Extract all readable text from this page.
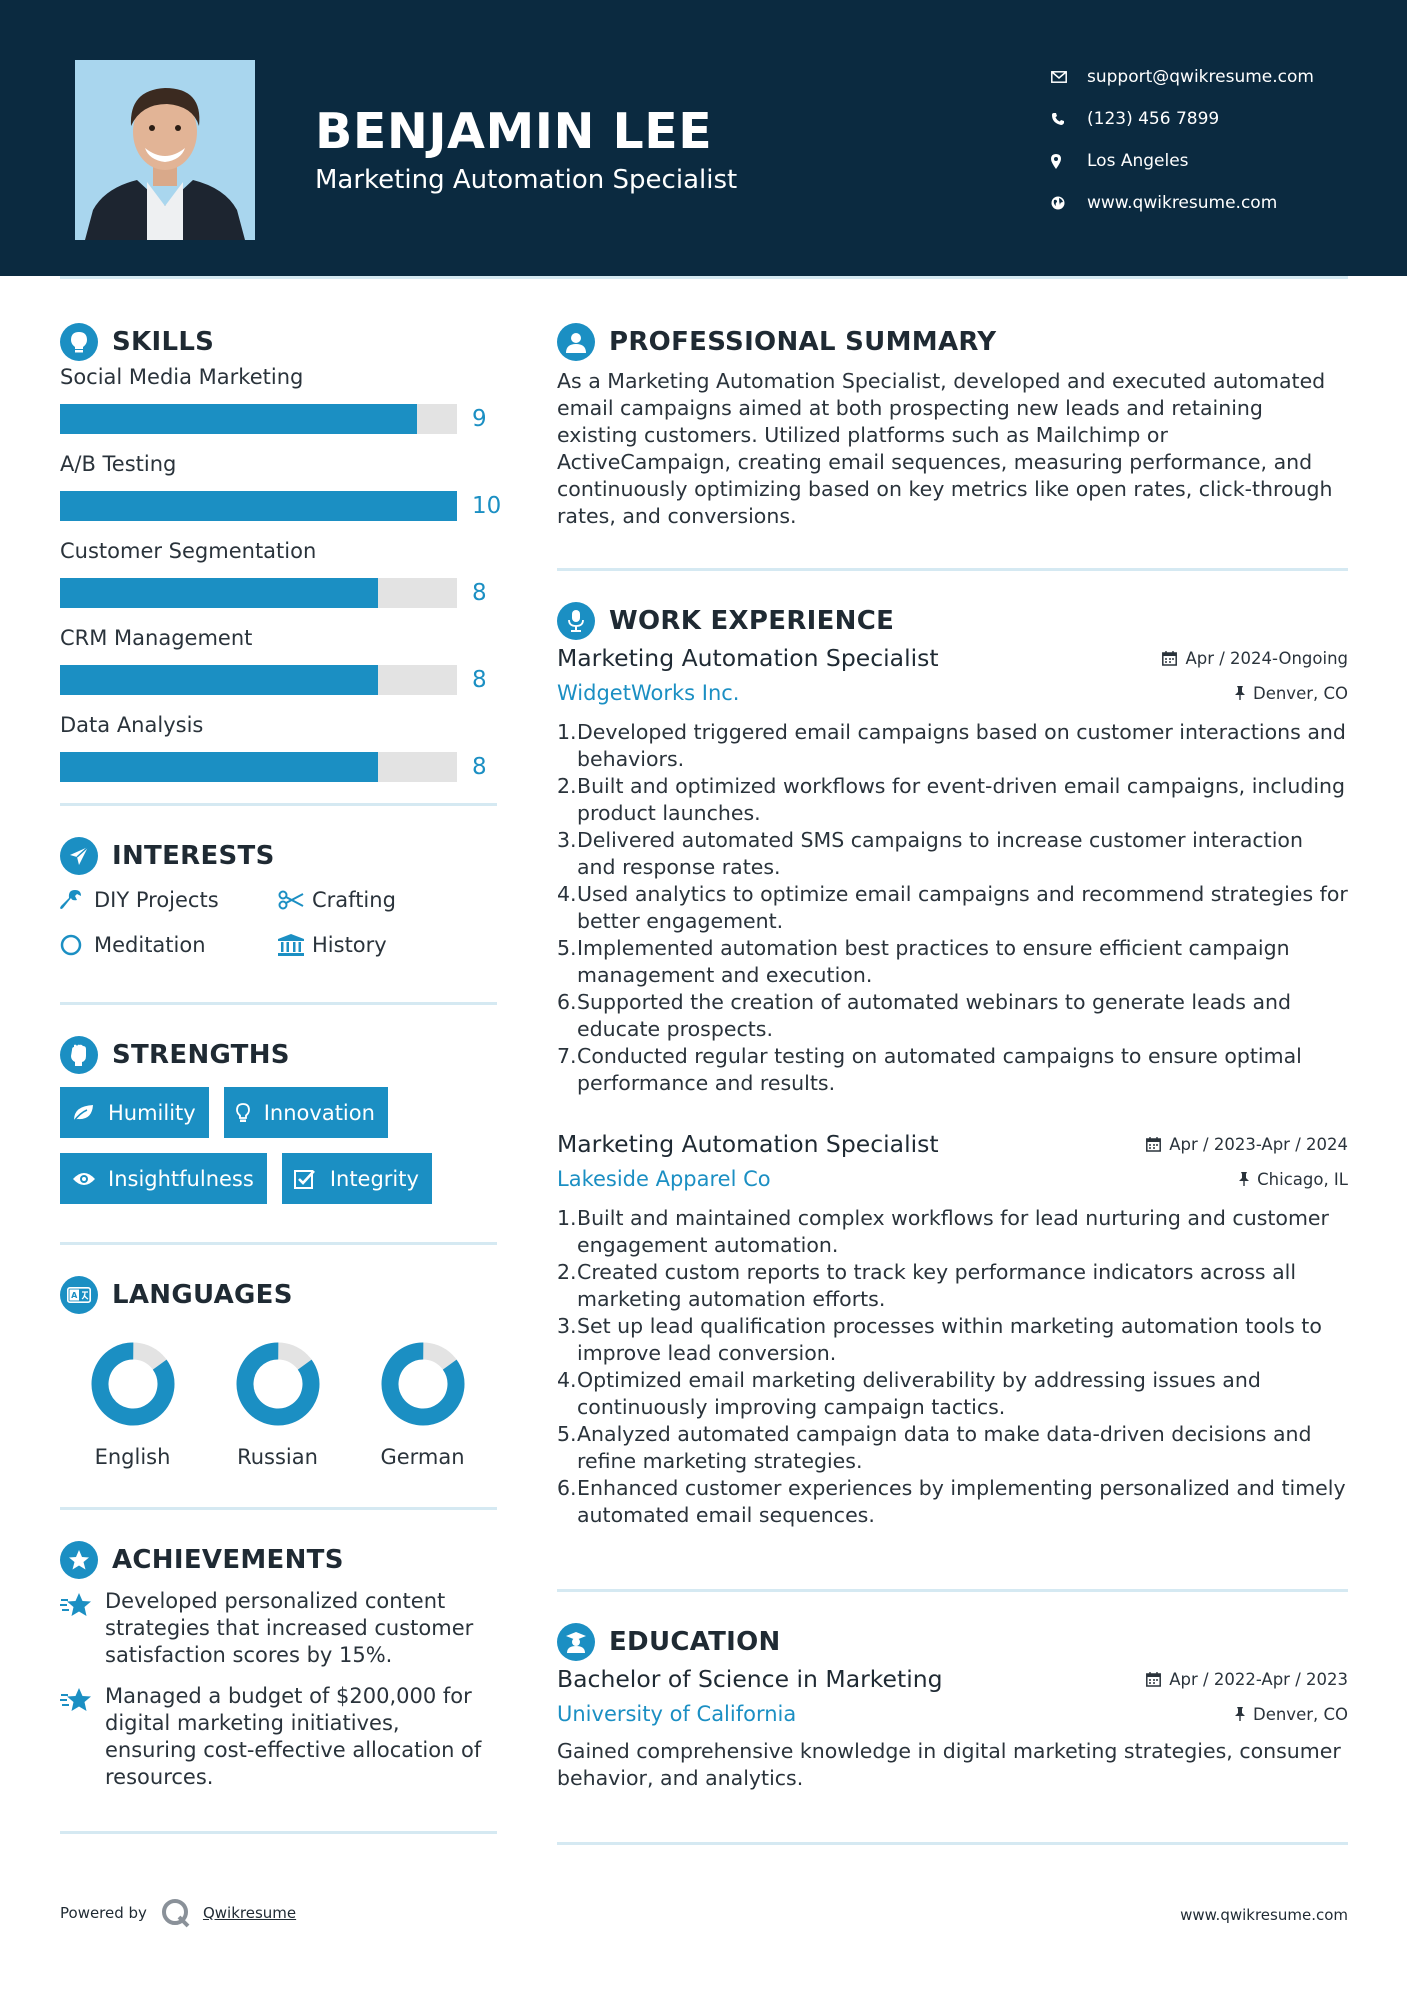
BENJAMIN LEE
Marketing Automation Specialist
support@qwikresume.com
(123) 456 7899
Los Angeles
www.qwikresume.com
SKILLS
Social Media Marketing
9
A/B Testing
10
Customer Segmentation
8
CRM Management
8
Data Analysis
8
INTERESTS
DIY Projects	Crafting
Meditation	History
STRENGTHS
Humility	Innovation
Insightfulness	Integrity
A LANGUAGES
English	Russian	German
ACHIEVEMENTS
Developed personalized content strategies that increased customer satisfaction scores by 15%.
Managed a budget of $200,000 for digital marketing initiatives, ensuring cost-effective allocation of resources.
PROFESSIONAL SUMMARY
As a Marketing Automation Specialist, developed and executed automated email campaigns aimed at both prospecting new leads and retaining existing customers. Utilized platforms such as Mailchimp or ActiveCampaign, creating email sequences, measuring performance, and continuously optimizing based on key metrics like open rates, click-through rates, and conversions.
WORK EXPERIENCE
Marketing Automation Specialist	Apr / 2024-Ongoing
WidgetWorks Inc.	Denver, CO
1. Developed triggered email campaigns based on customer interactions and behaviors.
2. Built and optimized workflows for event-driven email campaigns, including product launches.
3. Delivered automated SMS campaigns to increase customer interaction and response rates.
4. Used analytics to optimize email campaigns and recommend strategies for better engagement.
5. Implemented automation best practices to ensure efficient campaign management and execution.
6. Supported the creation of automated webinars to generate leads and educate prospects.
7. Conducted regular testing on automated campaigns to ensure optimal performance and results.
Marketing Automation Specialist	Apr / 2023-Apr / 2024
Lakeside Apparel Co	Chicago, IL
1. Built and maintained complex workflows for lead nurturing and customer engagement automation.
2. Created custom reports to track key performance indicators across all marketing automation efforts.
3. Set up lead qualification processes within marketing automation tools to improve lead conversion.
4. Optimized email marketing deliverability by addressing issues and continuously improving campaign tactics.
5. Analyzed automated campaign data to make data-driven decisions and refine marketing strategies.
6. Enhanced customer experiences by implementing personalized and timely automated email sequences.
EDUCATION
Bachelor of Science in Marketing	Apr / 2022-Apr / 2023
University of California	Denver, CO
Gained comprehensive knowledge in digital marketing strategies, consumer behavior, and analytics.
Powered by	Qwikresume	www.qwikresume.com
